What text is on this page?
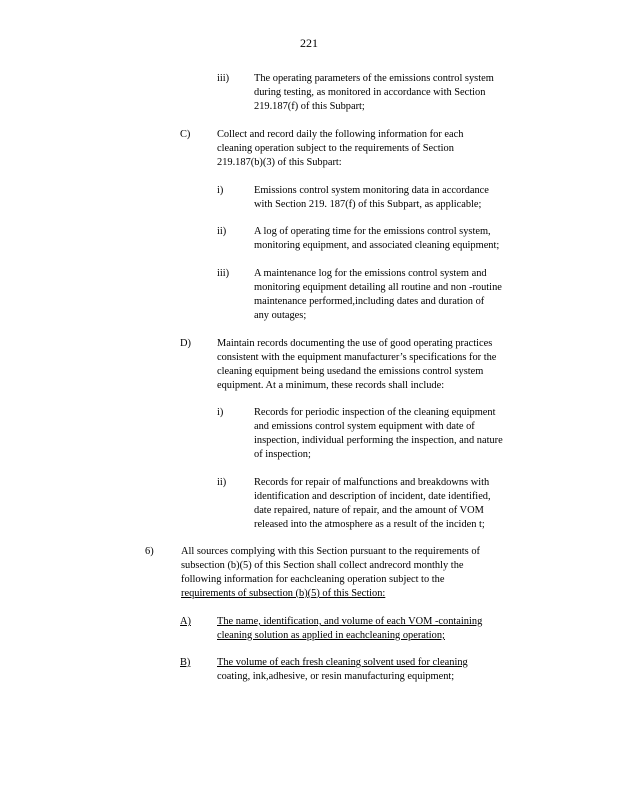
221
iii) The operating parameters of the emissions control system
during testing, as monitored in accordance with Section
219.187(f) of this Subpart;
C)	Collect and record daily the following information for each
cleaning operation subject to the requirements of Section
219.187(b)(3) of this Subpart:
i)	Emissions control system monitoring data in accordance
with Section 219. 187(f) of this Subpart, as applicable;
ii)	A log of operating time for the emissions control system,
monitoring equipment, and associated cleaning equipment;
iii) A maintenance log for the emissions control system and
monitoring equipment detailing all routine and non -routine
maintenance performed,including dates and duration of
any outages;
D)	Maintain records documenting the use of good operating practices
consistent with the equipment manufacturer’s specifications for the
cleaning equipment being usedand the emissions control system
equipment. At a minimum, these records shall include:
i)	Records for periodic inspection of the cleaning equipment
and emissions control system equipment with date of
inspection, individual performing the inspection, and nature
of inspection;
ii)	Records for repair of malfunctions and breakdowns with
identification and description of incident, date identified,
date repaired, nature of repair, and the amount of VOM
released into the atmosphere as a result of the inciden t;
6)	All sources complying with this Section pursuant to the requirements of
subsection (b)(5) of this Section shall collect andrecord monthly the
following information for eachcleaning operation subject to the
requirements of subsection (b)(5) of this Section:
A)	The name, identification, and volume of each VOM -containing
cleaning solution as applied in eachcleaning operation;
B)	The volume of each fresh cleaning solvent used for cleaning
coating, ink,adhesive, or resin manufacturing equipment;
